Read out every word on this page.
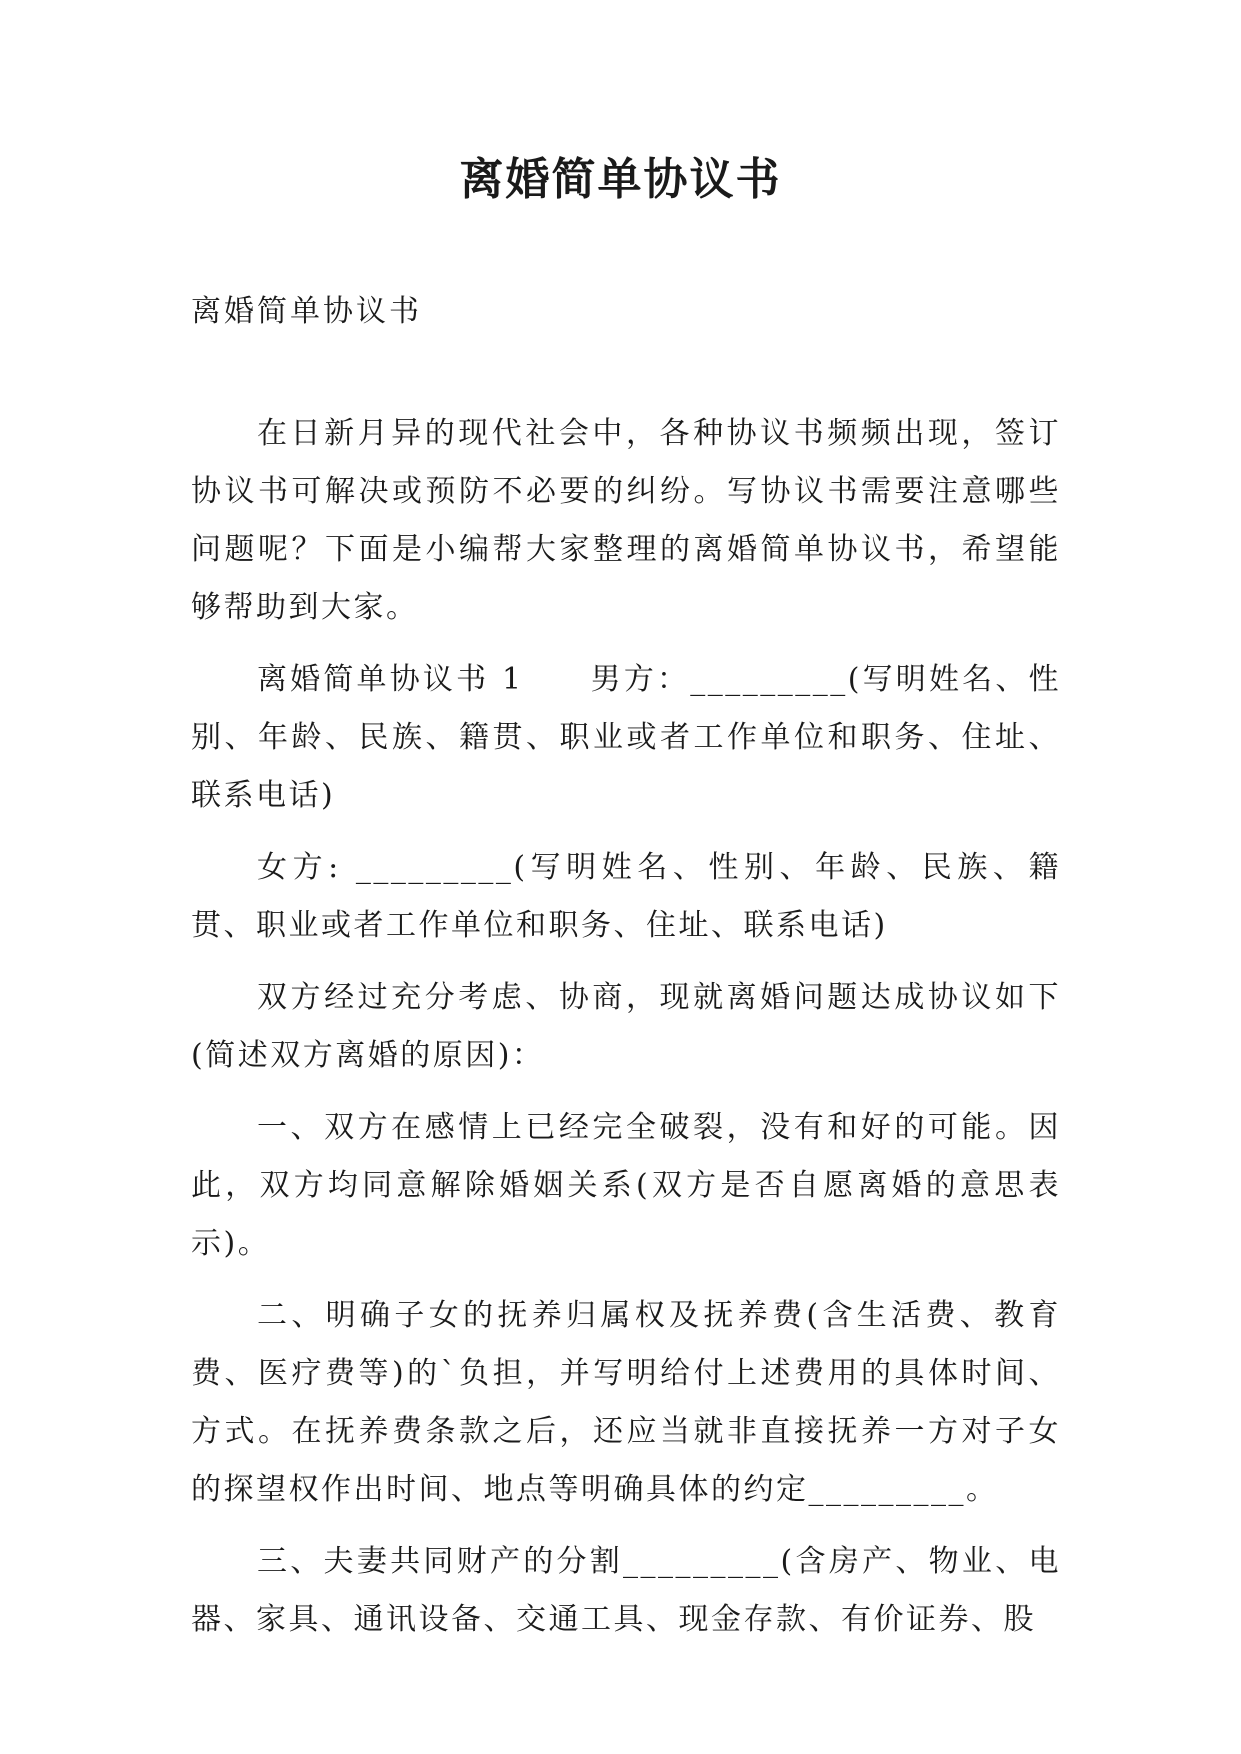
离婚简单协议书

离婚简单协议书

在日新月异的现代社会中，各种协议书频频出现，签订协议书可解决或预防不必要的纠纷。写协议书需要注意哪些问题呢？下面是小编帮大家整理的离婚简单协议书，希望能够帮助到大家。

离婚简单协议书 1　　男方：_________(写明姓名、性别、年龄、民族、籍贯、职业或者工作单位和职务、住址、联系电话)

女方: _________(写明姓名、性别、年龄、民族、籍贯、职业或者工作单位和职务、住址、联系电话)

双方经过充分考虑、协商，现就离婚问题达成协议如下(简述双方离婚的原因)：

一、双方在感情上已经完全破裂，没有和好的可能。因此，双方均同意解除婚姻关系(双方是否自愿离婚的意思表示)。

二、明确子女的抚养归属权及抚养费(含生活费、教育费、医疗费等)的`负担，并写明给付上述费用的具体时间、方式。在抚养费条款之后，还应当就非直接抚养一方对子女的探望权作出时间、地点等明确具体的约定_________。

三、夫妻共同财产的分割_________(含房产、物业、电器、家具、通讯设备、交通工具、现金存款、有价证券、股
